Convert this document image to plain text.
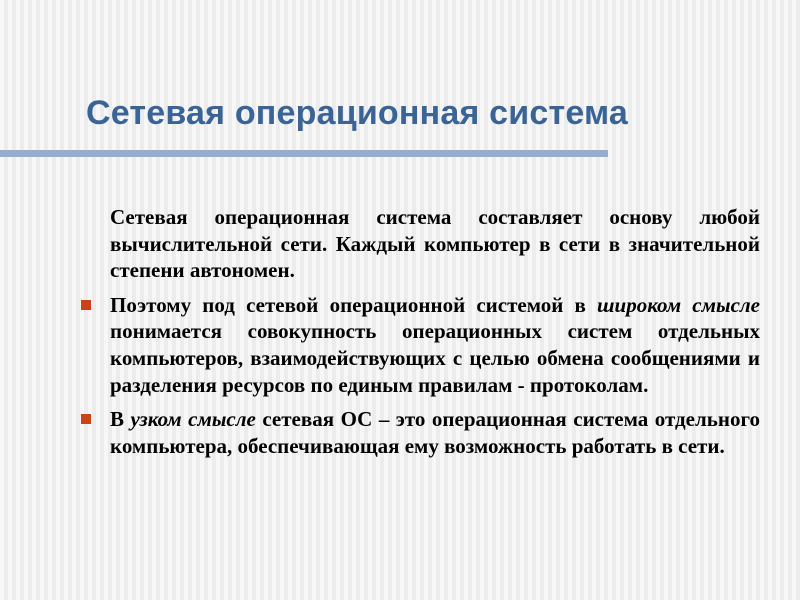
Сетевая операционная система

Сетевая операционная система составляет основу любой вычислительной сети. Каждый компьютер в сети в значительной степени автономен.

Поэтому под сетевой операционной системой в широком смысле понимается совокупность операционных систем отдельных компьютеров, взаимодействующих с целью обмена сообщениями и разделения ресурсов по единым правилам - протоколам.

В узком смысле сетевая ОС – это операционная система отдельного компьютера, обеспечивающая ему возможность работать в сети.
